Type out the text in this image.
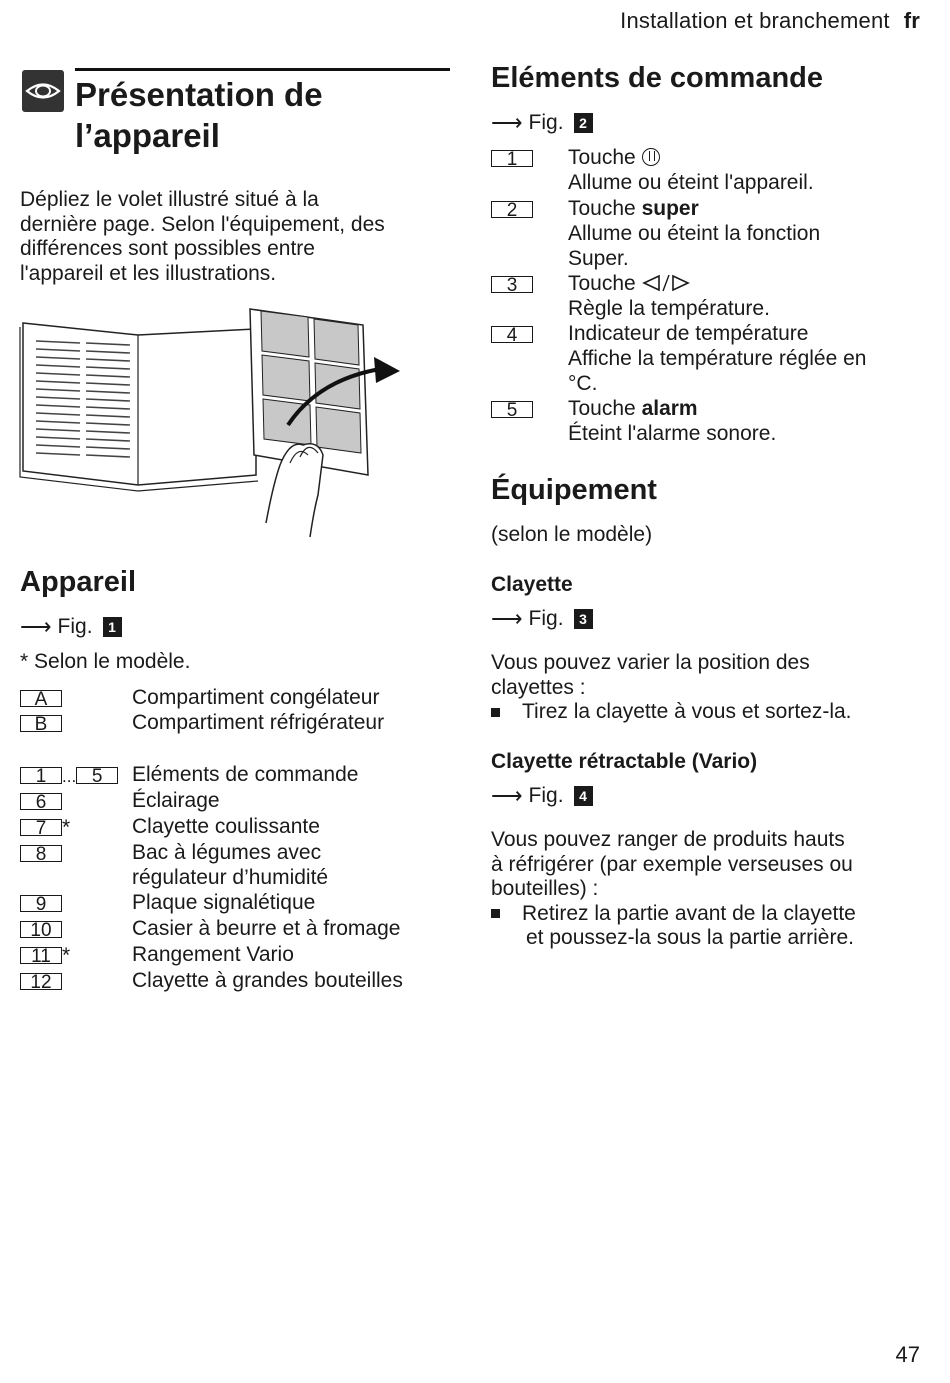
Installation et branchement fr
Présentation de
l’appareil
Dépliez le volet illustré situé à la
dernière page. Selon l'équipement, des
différences sont possibles entre
l'appareil et les illustrations.
Appareil
⟶ Fig.	1
* Selon le modèle.
A	Compartiment congélateur
B	Compartiment réfrigérateur
1 ... 5	Eléments de commande
6	Éclairage
7 *	Clayette coulissante
8	Bac à légumes avec
régulateur d’humidité
9	Plaque signalétique
10	Casier à beurre et à fromage
11 *	Rangement Vario
12	Clayette à grandes bouteilles
Eléments de commande
⟶ Fig.	2
1	Touche
Allume ou éteint l'appareil.
2	Touche super
Allume ou éteint la fonction
Super.
3	Touche
Règle la température.
4	Indicateur de température
Affiche la température réglée en
°C.
5	Touche alarm
Éteint l'alarme sonore.
Équipement
(selon le modèle)
Clayette
⟶ Fig.	3
Vous pouvez varier la position des
clayettes :
Tirez la clayette à vous et sortez-la.
Clayette rétractable (Vario)
⟶ Fig.	4
Vous pouvez ranger de produits hauts
à réfrigérer (par exemple verseuses ou
bouteilles) :
Retirez la partie avant de la clayette
et poussez-la sous la partie arrière.
47
